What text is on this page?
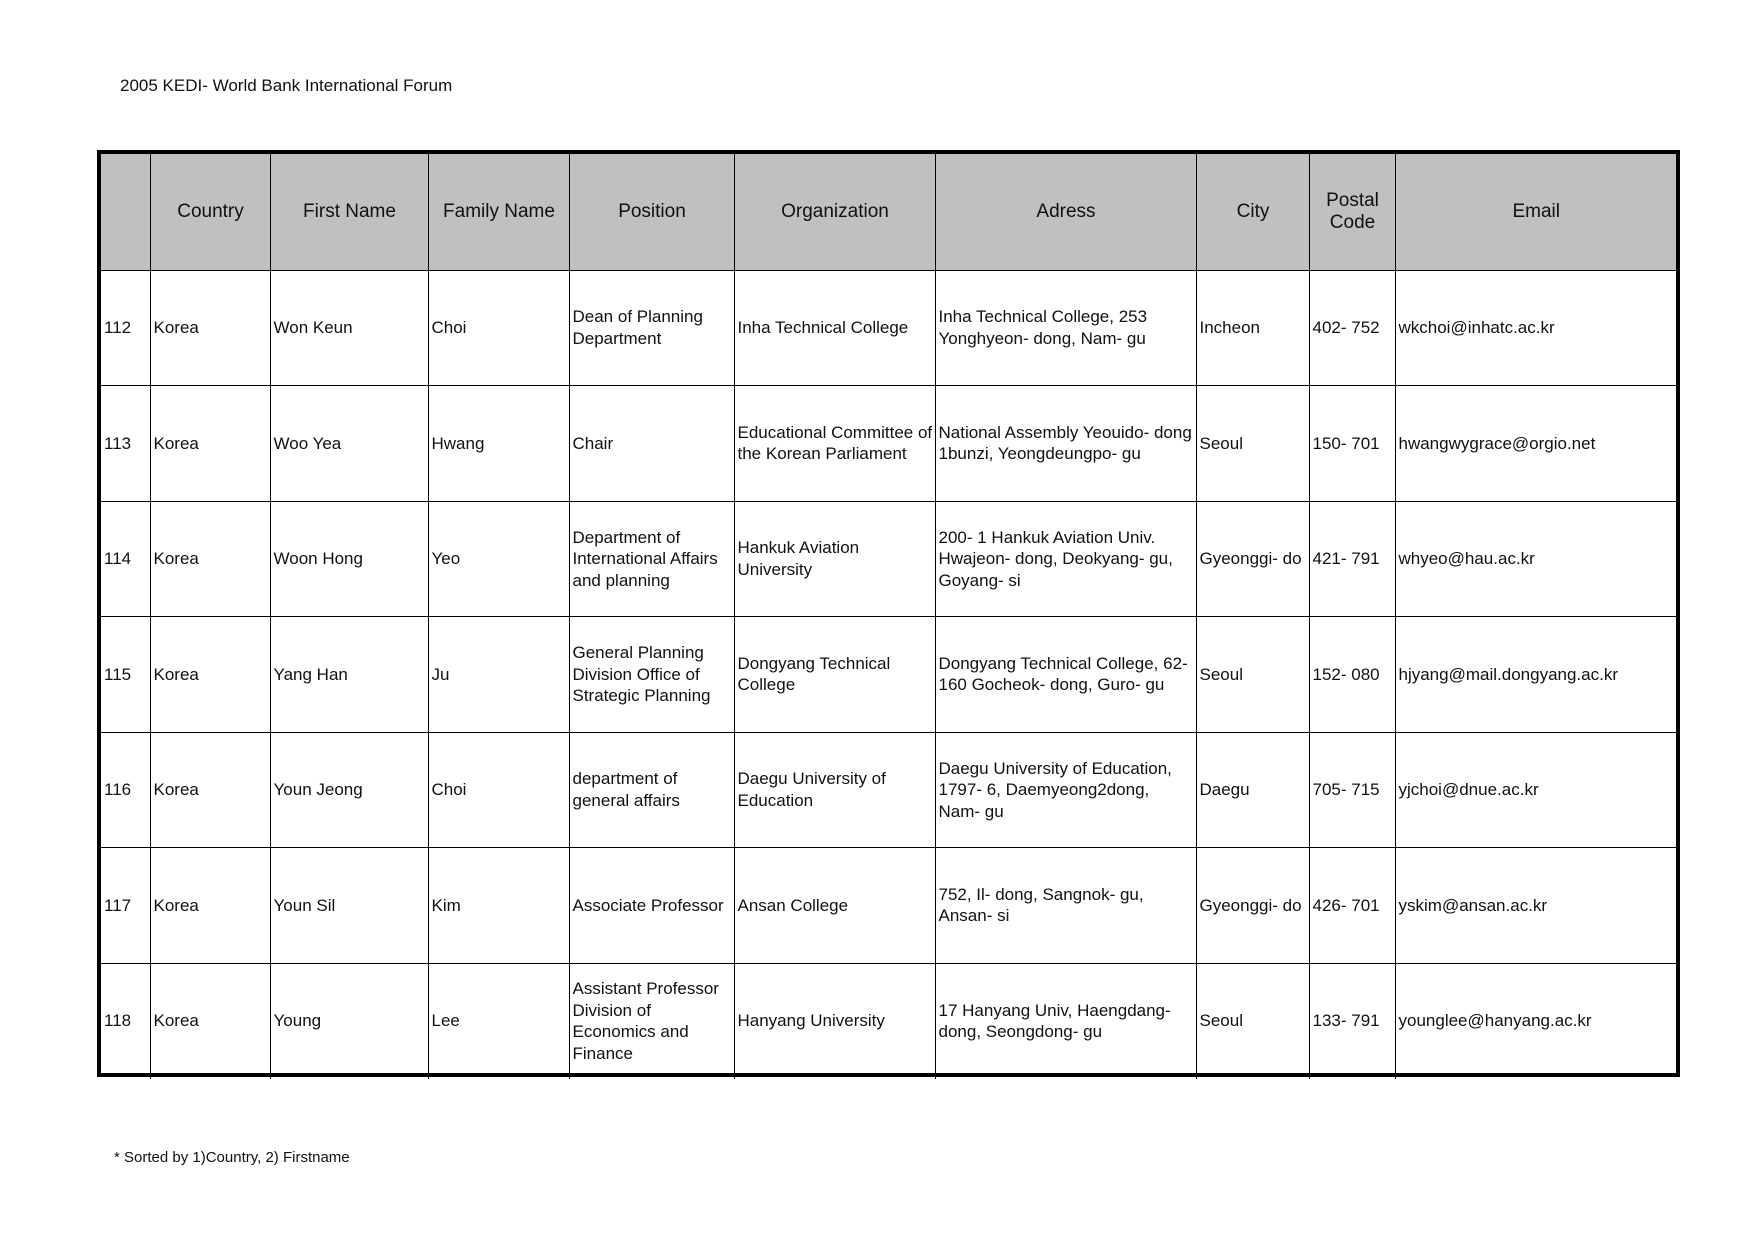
2005 KEDI- World Bank International Forum
	Country	First Name	Family Name	Position	Organization	Adress	City	Postal Code	Email
112	Korea	Won Keun	Choi	Dean of Planning Department	Inha Technical College	Inha Technical College, 253 Yonghyeon- dong, Nam- gu	Incheon	402- 752	wkchoi@inhatc.ac.kr
113	Korea	Woo Yea	Hwang	Chair	Educational Committee of the Korean Parliament	National Assembly Yeouido- dong 1bunzi, Yeongdeungpo- gu	Seoul	150- 701	hwangwygrace@orgio.net
114	Korea	Woon Hong	Yeo	Department of International Affairs and planning	Hankuk Aviation University	200- 1 Hankuk Aviation Univ. Hwajeon- dong, Deokyang- gu, Goyang- si	Gyeonggi- do	421- 791	whyeo@hau.ac.kr
115	Korea	Yang Han	Ju	General Planning Division Office of Strategic Planning	Dongyang Technical College	Dongyang Technical College, 62- 160 Gocheok- dong, Guro- gu	Seoul	152- 080	hjyang@mail.dongyang.ac.kr
116	Korea	Youn Jeong	Choi	department of general affairs	Daegu University of Education	Daegu University of Education, 1797- 6, Daemyeong2dong, Nam- gu	Daegu	705- 715	yjchoi@dnue.ac.kr
117	Korea	Youn Sil	Kim	Associate Professor	Ansan College	752, Il- dong, Sangnok- gu, Ansan- si	Gyeonggi- do	426- 701	yskim@ansan.ac.kr
118	Korea	Young	Lee	Assistant Professor Division of Economics and Finance	Hanyang University	17 Hanyang Univ, Haengdang- dong, Seongdong- gu	Seoul	133- 791	younglee@hanyang.ac.kr
* Sorted by 1)Country, 2) Firstname
